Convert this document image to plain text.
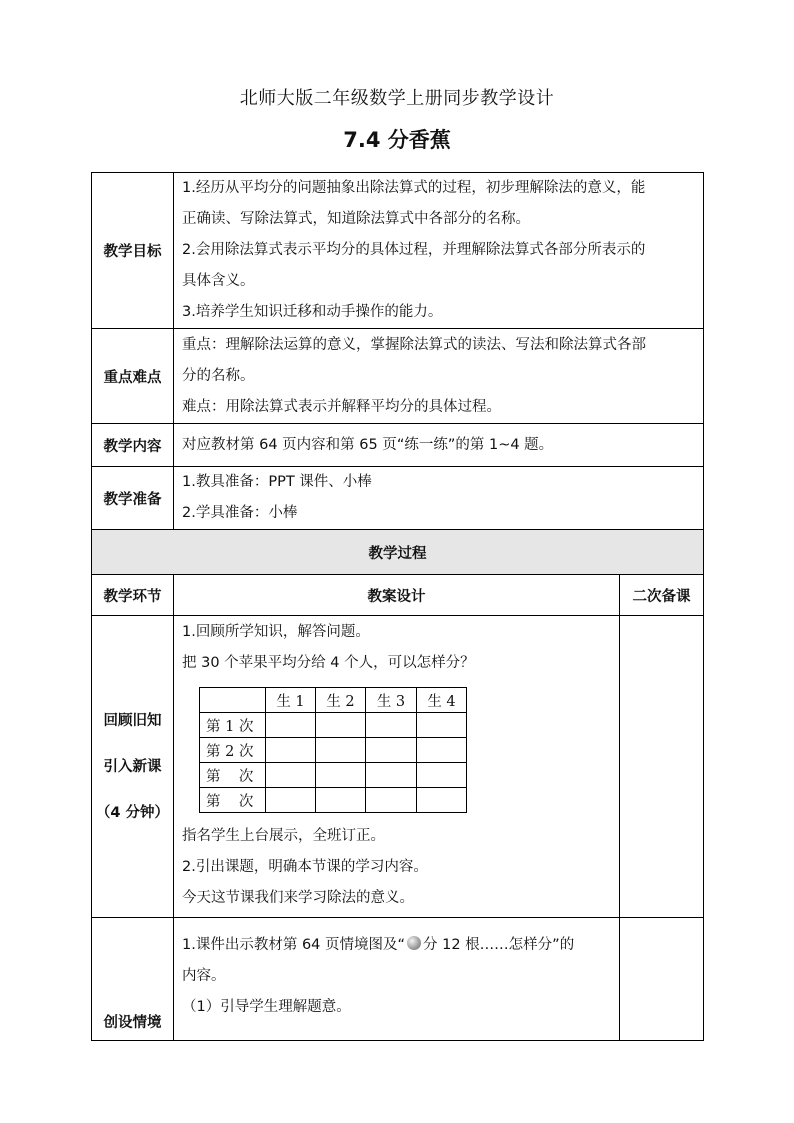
北师大版二年级数学上册同步教学设计
7.4 分香蕉
教学目标	
1.经历从平均分的问题抽象出除法算式的过程，初步理解除法的意义，能
正确读、写除法算式，知道除法算式中各部分的名称。
2.会用除法算式表示平均分的具体过程，并理解除法算式各部分所表示的
具体含义。
3.培养学生知识迁移和动手操作的能力。

重点难点	
重点：理解除法运算的意义，掌握除法算式的读法、写法和除法算式各部
分的名称。
难点：用除法算式表示并解释平均分的具体过程。

教学内容	对应教材第 64 页内容和第 65 页“练一练”的第 1~4 题。

教学准备	
1.教具准备：PPT 课件、小棒
2.学具准备：小棒

教学过程
教学环节	教案设计	二次备课

回顾旧知
引入新课
（4 分钟）

1.回顾所学知识，解答问题。
把 30 个苹果平均分给 4 个人，可以怎样分？
	生 1	生 2	生 3	生 4
第 1 次				
第 2 次				
第    次				
第    次				
指名学生上台展示，全班订正。
2.引出课题，明确本节课的学习内容。
今天这节课我们来学习除法的意义。

创设情境	
1.课件出示教材第 64 页情境图及“ 分 12 根……怎样分”的
内容。
（1）引导学生理解题意。
